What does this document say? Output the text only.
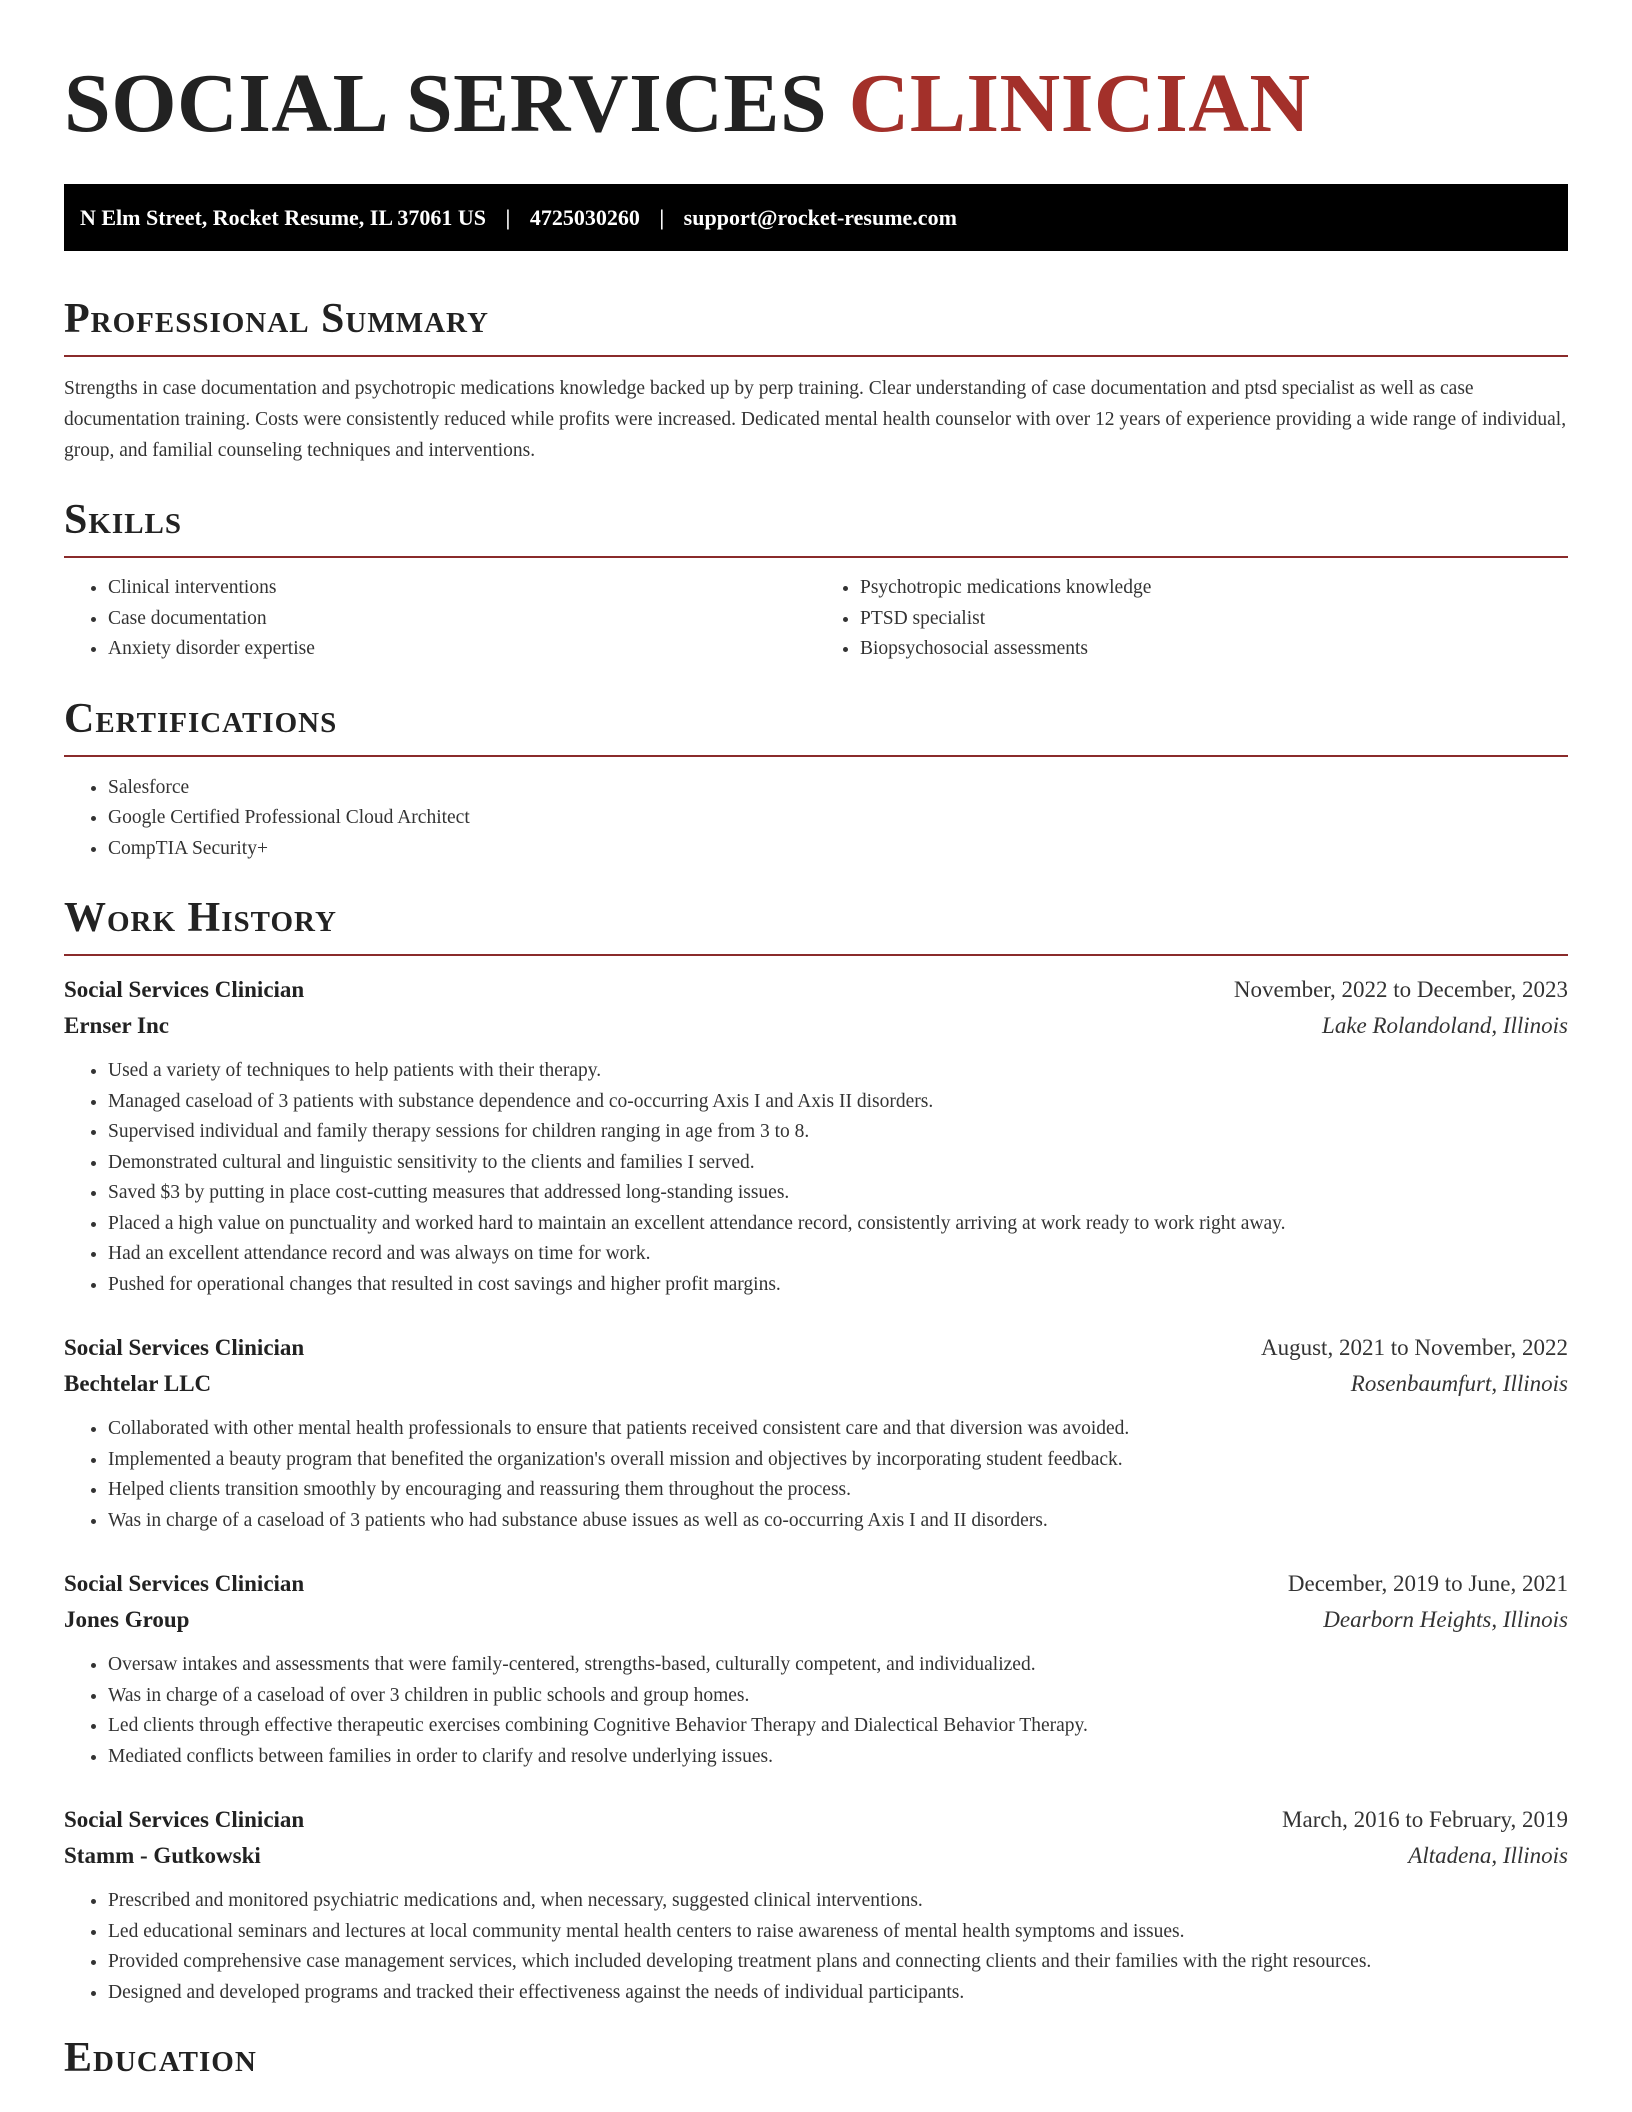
SOCIAL SERVICES CLINICIAN
N Elm Street, Rocket Resume, IL 37061 US | 4725030260 | support@rocket-resume.com
Professional Summary

Strengths in case documentation and psychotropic medications knowledge backed up by perp training. Clear understanding of case documentation and ptsd specialist as well as case documentation training. Costs were consistently reduced while profits were increased. Dedicated mental health counselor with over 12 years of experience providing a wide range of individual, group, and familial counseling techniques and interventions.

Skills
• Clinical interventions
• Case documentation
• Anxiety disorder expertise
• Psychotropic medications knowledge
• PTSD specialist
• Biopsychosocial assessments
Certifications
• Salesforce
• Google Certified Professional Cloud Architect
• CompTIA Security+
Work History
Social Services Clinician	November, 2022 to December, 2023
Ernser Inc	Lake Rolandoland, Illinois
• Used a variety of techniques to help patients with their therapy.
• Managed caseload of 3 patients with substance dependence and co-occurring Axis I and Axis II disorders.
• Supervised individual and family therapy sessions for children ranging in age from 3 to 8.
• Demonstrated cultural and linguistic sensitivity to the clients and families I served.
• Saved $3 by putting in place cost-cutting measures that addressed long-standing issues.
• Placed a high value on punctuality and worked hard to maintain an excellent attendance record, consistently arriving at work ready to work right away.
• Had an excellent attendance record and was always on time for work.
• Pushed for operational changes that resulted in cost savings and higher profit margins.
Social Services Clinician	August, 2021 to November, 2022
Bechtelar LLC	Rosenbaumfurt, Illinois
• Collaborated with other mental health professionals to ensure that patients received consistent care and that diversion was avoided.
• Implemented a beauty program that benefited the organization's overall mission and objectives by incorporating student feedback.
• Helped clients transition smoothly by encouraging and reassuring them throughout the process.
• Was in charge of a caseload of 3 patients who had substance abuse issues as well as co-occurring Axis I and II disorders.
Social Services Clinician	December, 2019 to June, 2021
Jones Group	Dearborn Heights, Illinois
• Oversaw intakes and assessments that were family-centered, strengths-based, culturally competent, and individualized.
• Was in charge of a caseload of over 3 children in public schools and group homes.
• Led clients through effective therapeutic exercises combining Cognitive Behavior Therapy and Dialectical Behavior Therapy.
• Mediated conflicts between families in order to clarify and resolve underlying issues.
Social Services Clinician	March, 2016 to February, 2019
Stamm - Gutkowski	Altadena, Illinois
• Prescribed and monitored psychiatric medications and, when necessary, suggested clinical interventions.
• Led educational seminars and lectures at local community mental health centers to raise awareness of mental health symptoms and issues.
• Provided comprehensive case management services, which included developing treatment plans and connecting clients and their families with the right resources.
• Designed and developed programs and tracked their effectiveness against the needs of individual participants.
Education
